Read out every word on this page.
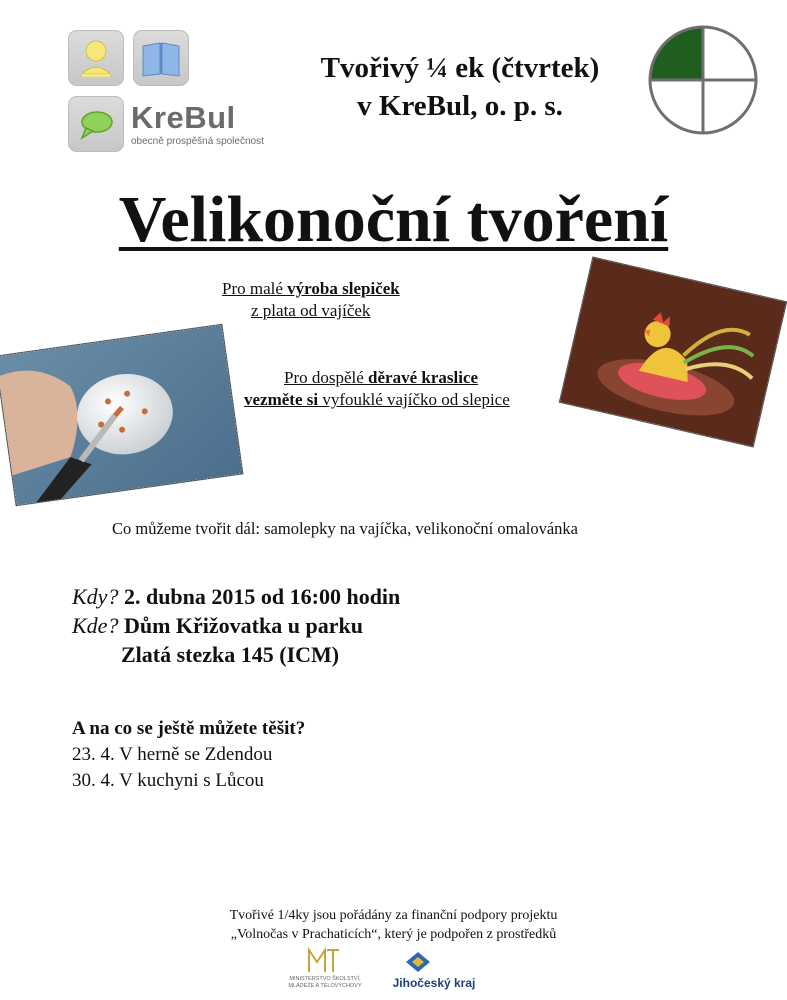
KreBul
obecně prospěšná společnost
Tvořivý ¼ ek (čtvrtek)
v KreBul, o. p. s.
Velikonoční tvoření
Pro malé výroba slepiček
z plata od vajíček
Pro dospělé děravé kraslice
vezměte si vyfouklé vajíčko od slepice
Co můžeme tvořit dál: samolepky na vajíčka, velikonoční omalovánka
Kdy? 2. dubna 2015 od 16:00 hodin
Kde? Dům Křižovatka u parku
Zlatá stezka 145 (ICM)
A na co se ještě můžete těšit?
23. 4. V herně se Zdendou
30. 4. V kuchyni s Lůcou
Tvořivé 1/4ky jsou pořádány za finanční podpory projektu
„Volnočas v Prachaticích“, který je podpořen z prostředků
MINISTERSTVO ŠKOLSTVÍ,
MLÁDEŽE A TĚLOVÝCHOVY	Jihočeský kraj
